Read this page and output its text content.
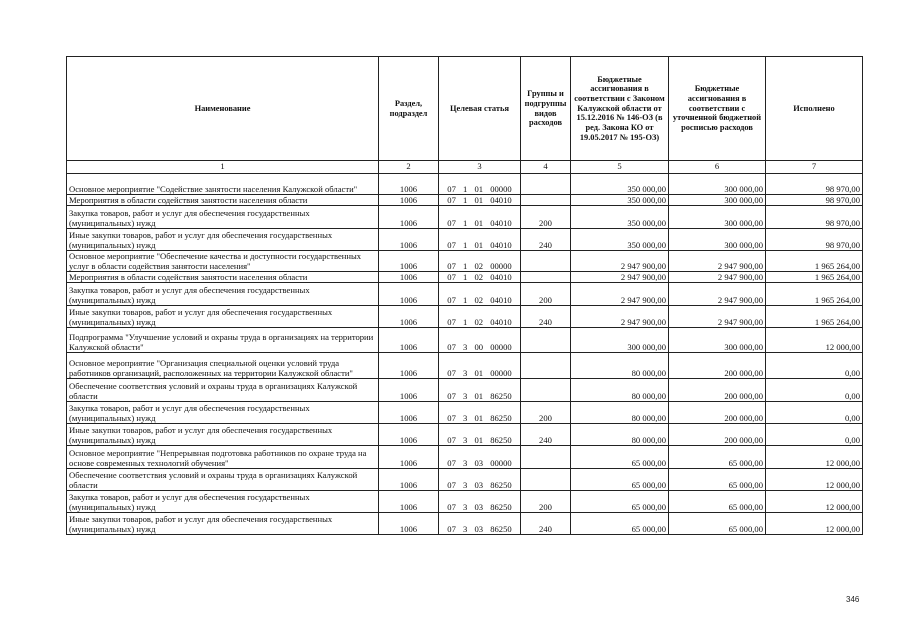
Наименование	Раздел, подраздел	Целевая статья	Группы и подгруппы видов расходов	Бюджетные ассигнования в соответствии с Законом Калужской области от 15.12.2016 № 146-ОЗ (в ред. Закона КО от 19.05.2017 № 195-ОЗ)	Бюджетные ассигнования в соответствии с уточненной бюджетной росписью расходов	Исполнено
1	2	3	4	5	6	7
Основное мероприятие "Содействие занятости населения Калужской области"	1006	07 1 01 00000		350 000,00	300 000,00	98 970,00
Мероприятия в области содействия занятости населения области	1006	07 1 01 04010		350 000,00	300 000,00	98 970,00
Закупка товаров, работ и услуг для обеспечения государственных (муниципальных) нужд	1006	07 1 01 04010	200	350 000,00	300 000,00	98 970,00
Иные закупки товаров, работ и услуг для обеспечения государственных (муниципальных) нужд	1006	07 1 01 04010	240	350 000,00	300 000,00	98 970,00
Основное мероприятие "Обеспечение качества и доступности государственных услуг в области содействия занятости населения"	1006	07 1 02 00000		2 947 900,00	2 947 900,00	1 965 264,00
Мероприятия в области содействия занятости населения области	1006	07 1 02 04010		2 947 900,00	2 947 900,00	1 965 264,00
Закупка товаров, работ и услуг для обеспечения государственных (муниципальных) нужд	1006	07 1 02 04010	200	2 947 900,00	2 947 900,00	1 965 264,00
Иные закупки товаров, работ и услуг для обеспечения государственных (муниципальных) нужд	1006	07 1 02 04010	240	2 947 900,00	2 947 900,00	1 965 264,00
Подпрограмма "Улучшение условий и охраны труда в организациях на территории Калужской области"	1006	07 3 00 00000		300 000,00	300 000,00	12 000,00
Основное мероприятие "Организация специальной оценки условий труда работников организаций, расположенных на территории Калужской области"	1006	07 3 01 00000		80 000,00	200 000,00	0,00
Обеспечение соответствия условий и охраны труда в организациях Калужской области	1006	07 3 01 86250		80 000,00	200 000,00	0,00
Закупка товаров, работ и услуг для обеспечения государственных (муниципальных) нужд	1006	07 3 01 86250	200	80 000,00	200 000,00	0,00
Иные закупки товаров, работ и услуг для обеспечения государственных (муниципальных) нужд	1006	07 3 01 86250	240	80 000,00	200 000,00	0,00
Основное мероприятие "Непрерывная подготовка работников по охране труда на основе современных технологий обучения"	1006	07 3 03 00000		65 000,00	65 000,00	12 000,00
Обеспечение соответствия условий и охраны труда в организациях Калужской области	1006	07 3 03 86250		65 000,00	65 000,00	12 000,00
Закупка товаров, работ и услуг для обеспечения государственных (муниципальных) нужд	1006	07 3 03 86250	200	65 000,00	65 000,00	12 000,00
Иные закупки товаров, работ и услуг для обеспечения государственных (муниципальных) нужд	1006	07 3 03 86250	240	65 000,00	65 000,00	12 000,00
346
